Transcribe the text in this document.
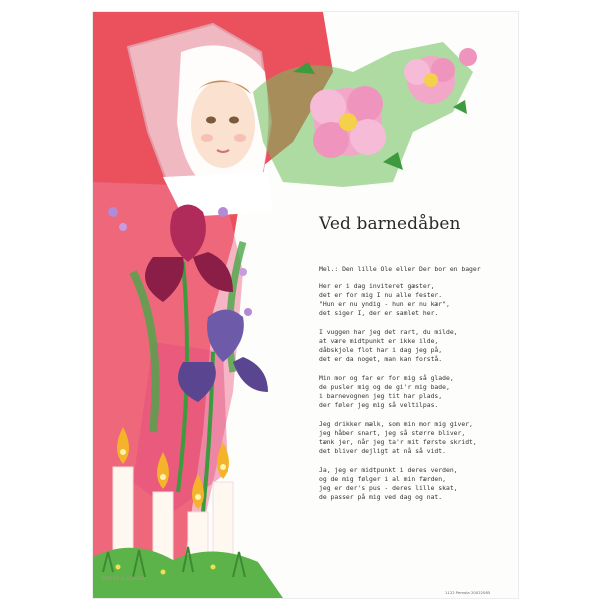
Ved barnedåben
Mel.: Den lille Ole eller Der bor en bager
Her er i dag inviteret gæster,
det er for mig I nu alle fester.
"Hun er nu yndig - hun er nu kær",
det siger I, der er samlet her.
I vuggen har jeg det rart, du milde,
at være midtpunkt er ikke ilde,
dåbskjole flot har i dag jeg på,
det er da noget, man kan forstå.
Min mor og far er for mig så glade,
de pusler mig og de gi'r mig bade,
i barnevognen jeg tit har plads,
der føler jeg mig så veltilpas.
Jeg drikker mælk, som min mor mig giver,
jeg håber snart, jeg så større bliver,
tænk jer, når jeg ta'r mit første skridt,
det bliver dejligt at nå så vidt.
Ja, jeg er midtpunkt i deres verden,
og de mig følger i al min færden,
jeg er der's pus - deres lille skat,
de passer på mig ved dag og nat.
JENSEN & BIRGER
1122 Pemola 20022085
